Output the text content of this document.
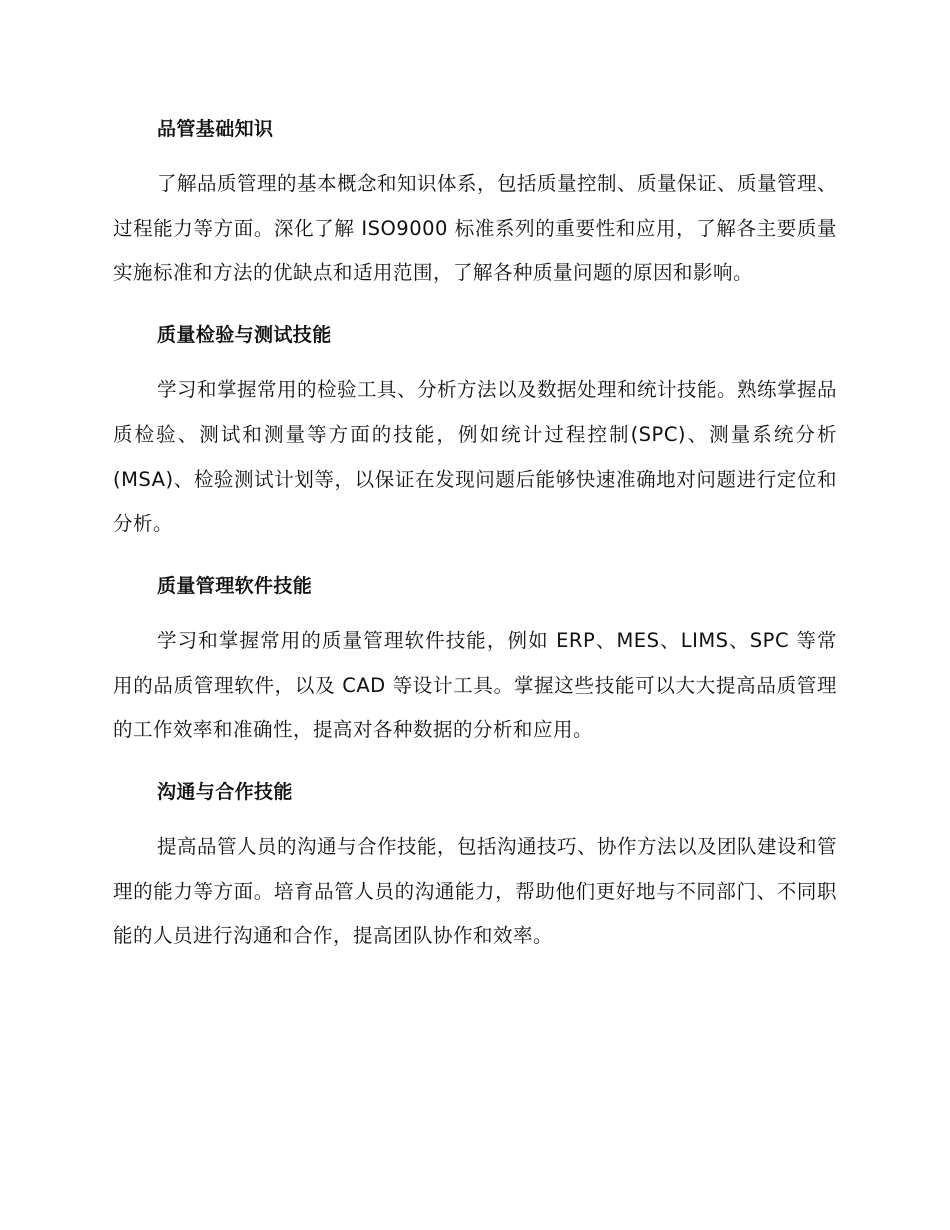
品管基础知识

了解品质管理的基本概念和知识体系，包括质量控制、质量保证、质量管理、过程能力等方面。深化了解 ISO9000 标准系列的重要性和应用，了解各主要质量实施标准和方法的优缺点和适用范围，了解各种质量问题的原因和影响。

质量检验与测试技能

学习和掌握常用的检验工具、分析方法以及数据处理和统计技能。熟练掌握品质检验、测试和测量等方面的技能，例如统计过程控制(SPC)、测量系统分析(MSA)、检验测试计划等，以保证在发现问题后能够快速准确地对问题进行定位和分析。

质量管理软件技能

学习和掌握常用的质量管理软件技能，例如 ERP、MES、LIMS、SPC 等常用的品质管理软件，以及 CAD 等设计工具。掌握这些技能可以大大提高品质管理的工作效率和准确性，提高对各种数据的分析和应用。

沟通与合作技能

提高品管人员的沟通与合作技能，包括沟通技巧、协作方法以及团队建设和管理的能力等方面。培育品管人员的沟通能力，帮助他们更好地与不同部门、不同职能的人员进行沟通和合作，提高团队协作和效率。
